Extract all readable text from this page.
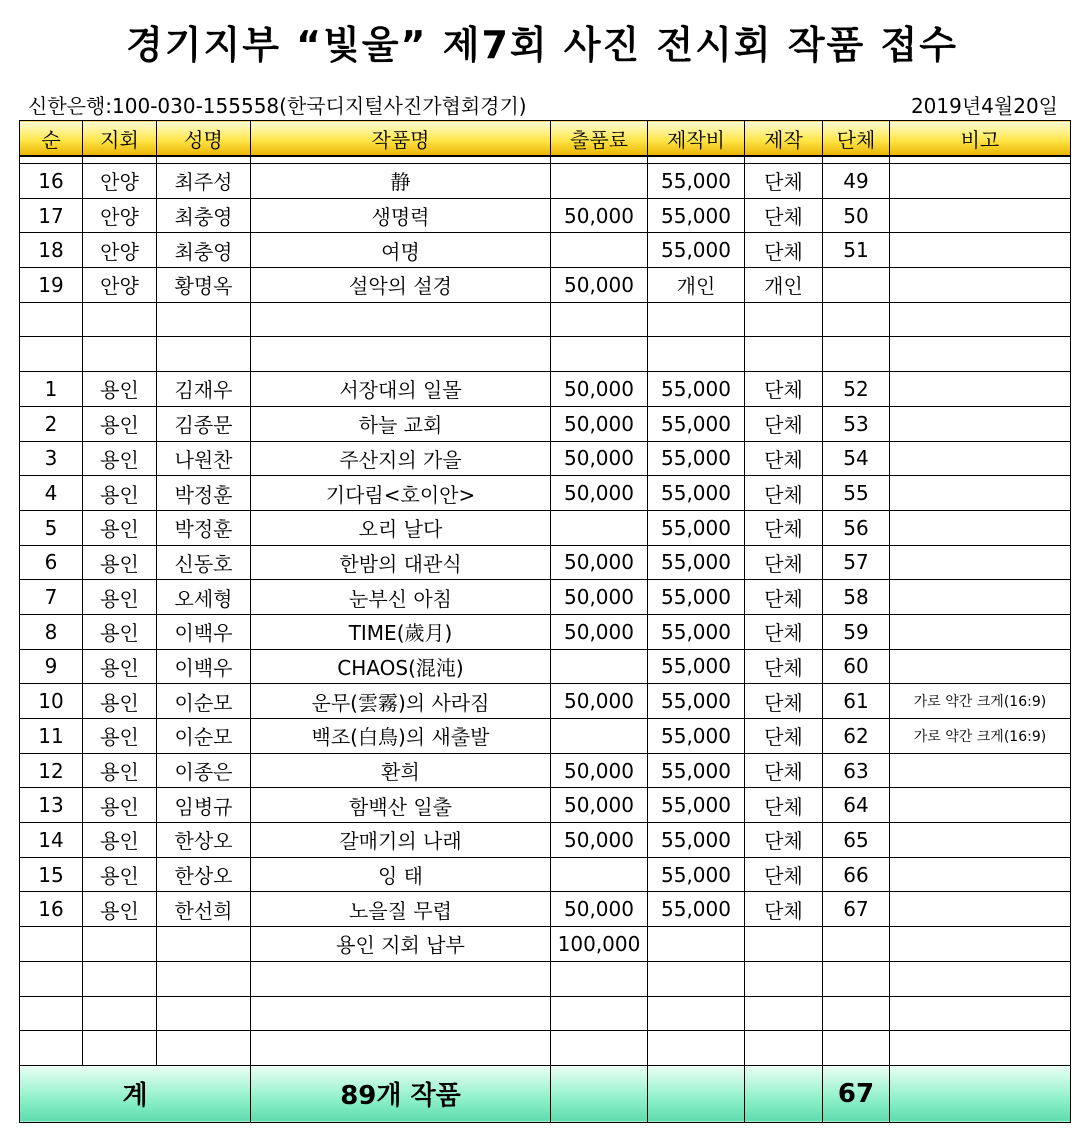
경기지부 “빛울” 제7회 사진 전시회 작품 접수
신한은행:100-030-155558(한국디지털사진가협회경기)	2019년4월20일
순	지회	성명	작품명	출품료	제작비	제작	단체	비고

16	안양	최주성	静		55,000	단체	49	
17	안양	최충영	생명력	50,000	55,000	단체	50	
18	안양	최충영	여명		55,000	단체	51	
19	안양	황명옥	설악의 설경	50,000	개인	개인		

1	용인	김재우	서장대의 일몰	50,000	55,000	단체	52	
2	용인	김종문	하늘 교회	50,000	55,000	단체	53	
3	용인	나원찬	주산지의 가을	50,000	55,000	단체	54	
4	용인	박정훈	기다림<호이안>	50,000	55,000	단체	55	
5	용인	박정훈	오리 날다		55,000	단체	56	
6	용인	신동호	한밤의 대관식	50,000	55,000	단체	57	
7	용인	오세형	눈부신 아침	50,000	55,000	단체	58	
8	용인	이백우	TIME(歲月)	50,000	55,000	단체	59	
9	용인	이백우	CHAOS(混沌)		55,000	단체	60	
10	용인	이순모	운무(雲霧)의 사라짐	50,000	55,000	단체	61	가로 약간 크게(16:9)
11	용인	이순모	백조(白鳥)의 새출발		55,000	단체	62	가로 약간 크게(16:9)
12	용인	이종은	환희	50,000	55,000	단체	63	
13	용인	임병규	함백산 일출	50,000	55,000	단체	64	
14	용인	한상오	갈매기의 나래	50,000	55,000	단체	65	
15	용인	한상오	잉 태		55,000	단체	66	
16	용인	한선희	노을질 무렵	50,000	55,000	단체	67	
			용인 지회 납부	100,000				

계			89개 작품				67	
